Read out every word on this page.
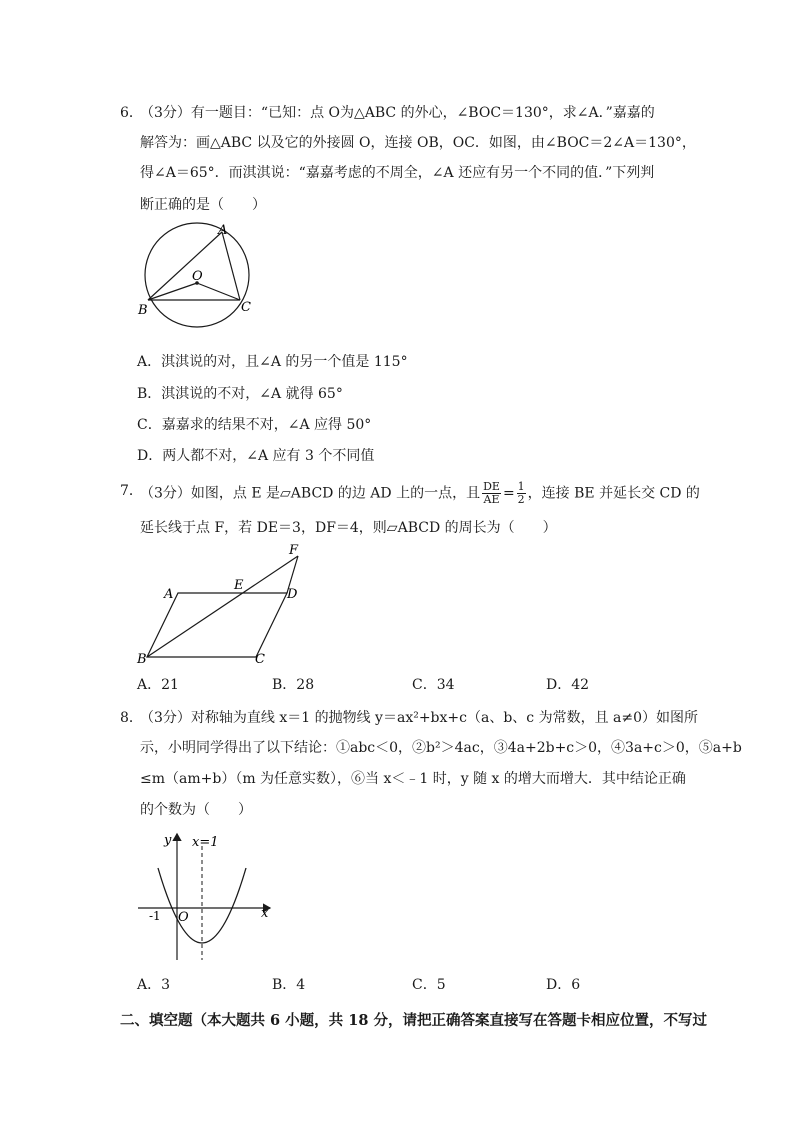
6．
（3分）有一题目：“已知：点 O为△ABC 的外心，∠BOC＝130°，求∠A．”嘉嘉的
解答为：画△ABC 以及它的外接圆 O，连接 OB，OC．如图，由∠BOC＝2∠A＝130°，
得∠A＝65°．而淇淇说：“嘉嘉考虑的不周全，∠A 还应有另一个不同的值．”下列判
断正确的是（　　）
A
O
B	C
A．淇淇说的对，且∠A 的另一个值是 115°
B．淇淇说的不对，∠A 就得 65°
C．嘉嘉求的结果不对，∠A 应得 50°
D．两人都不对，∠A 应有 3 个不同值
7．
（3分）如图，点 E 是▱ABCD 的边 AD 上的一点，且 $\frac{DE}{AE} = \frac{1}{2}$ ，连接 BE 并延长交 CD 的
延长线于点 F，若 DE＝3，DF＝4，则▱ABCD 的周长为（　　）
F
A
E
D
B	C
A．21	B．28	C．34	D．42
8．
（3分）对称轴为直线 x＝1 的抛物线 y＝ax²+bx+c（a、b、c 为常数，且 a≠0）如图所
示，小明同学得出了以下结论：①abc＜0，②b²＞4ac，③4a+2b+c＞0，④3a+c＞0，⑤a+b
≤m（am+b）（m 为任意实数），⑥当 x＜﹣1 时，y 随 x 的增大而增大．其中结论正确
的个数为（　　）
y x=1
x
-1 O
A．3	B．4	C．5	D．6
二、填空题（本大题共 6 小题，共 18 分，请把正确答案直接写在答题卡相应位置，不写过
